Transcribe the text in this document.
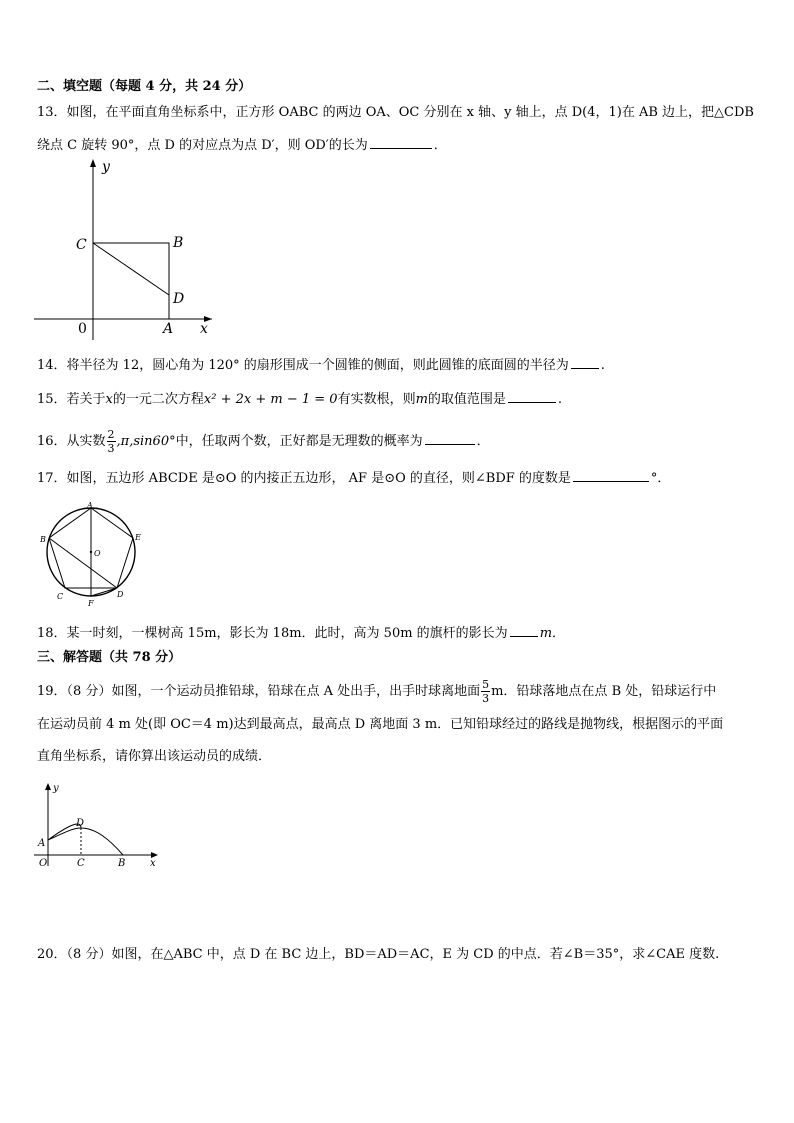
二、填空题（每题 4 分，共 24 分）
13．如图，在平面直角坐标系中，正方形 OABC 的两边 OA、OC 分别在 x 轴、y 轴上，点 D(4，1)在 AB 边上，把△CDB
绕点 C 旋转 90°，点 D 的对应点为点 D′，则 OD′的长为	．
y
x
C	B
D
0	A
14．将半径为 12，圆心角为 120° 的扇形围成一个圆锥的侧面，则此圆锥的底面圆的半径为 .
15．若关于x的一元二次方程x² + 2x + m − 1 = 0有实数根，则m的取值范围是	.
16．从实数 $\frac{2}{3} ,\pi,\sin 60^\circ$中，任取两个数，正好都是无理数的概率为	．
17．如图，五边形 ABCDE 是⊙O 的内接正五边形， AF 是⊙O 的直径，则∠BDF 的度数是	°．
A
B
C	D
E
F
O
18．某一时刻，一棵树高 15m，影长为 18m．此时，高为 50m 的旗杆的影长为 m．
三、解答题（共 78 分）
19．（8 分）如图，一个运动员推铅球，铅球在点 A 处出手，出手时球离地面 $\frac{5}{3}$ m．铅球落地点在点 B 处，铅球运行中
在运动员前 4 m 处(即 OC＝4 m)达到最高点，最高点 D 离地面 3 m．已知铅球经过的路线是抛物线，根据图示的平面
直角坐标系，请你算出该运动员的成绩．
y
x
A
D
O	C	B
20．（8 分）如图，在△ABC 中，点 D 在 BC 边上，BD＝AD＝AC，E 为 CD 的中点．若∠B＝35°，求∠CAE 度数.
